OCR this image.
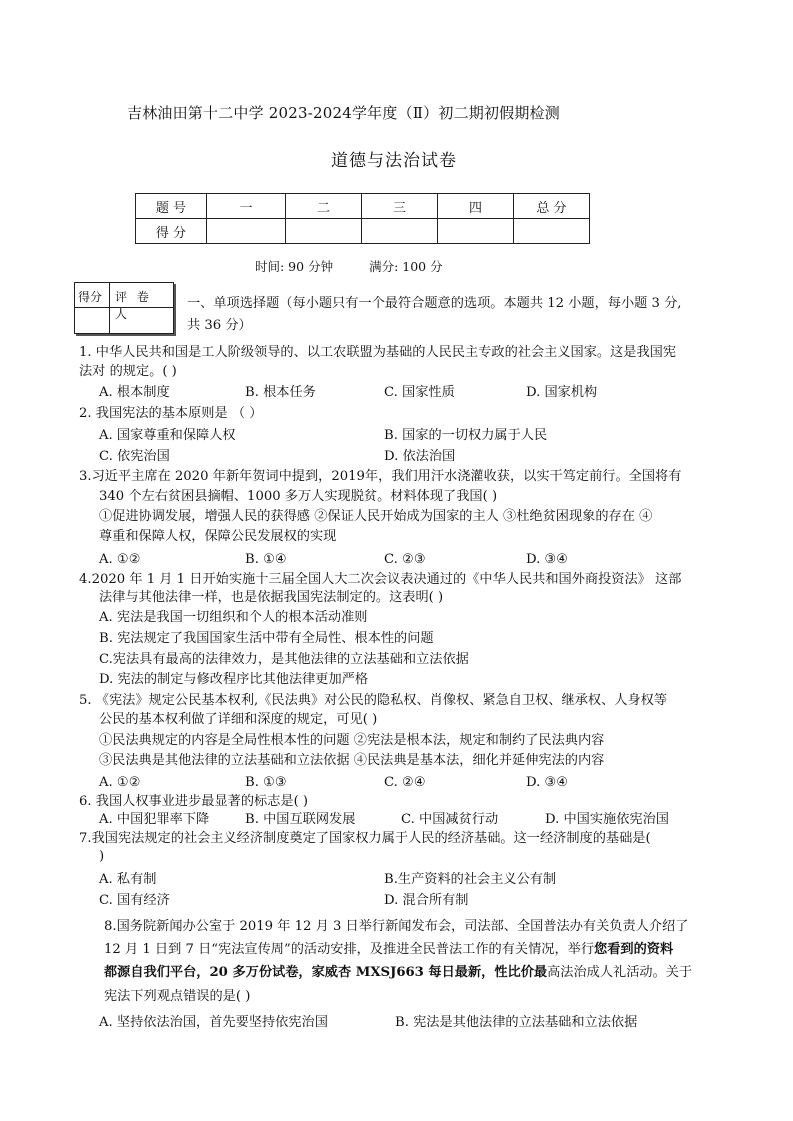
吉林油田第十二中学 2023-2024学年度（Ⅱ）初二期初假期检测
道德与法治试卷
题 号	一	二	三	四	总 分
得 分					
时间: 90 分钟	满分: 100 分
得分 评 卷 人
一、单项选择题（每小题只有一个最符合题意的选项。本题共 12 小题，每小题 3 分,
共 36 分）
1. 中华人民共和国是工人阶级领导的、以工农联盟为基础的人民民主专政的社会主义国家。这是我国宪
法对 的规定。( )
A. 根本制度	B. 根本任务	C. 国家性质	D. 国家机构
2. 我国宪法的基本原则是 （ ）
A. 国家尊重和保障人权	B. 国家的一切权力属于人民
C. 依宪治国	D. 依法治国
3.习近平主席在 2020 年新年贺词中提到，2019年，我们用汗水浇灌收获，以实干笃定前行。全国将有
340 个左右贫困县摘帽、1000 多万人实现脱贫。材料体现了我国( )
①促进协调发展，增强人民的获得感 ②保证人民开始成为国家的主人 ③杜绝贫困现象的存在 ④
尊重和保障人权，保障公民发展权的实现
A. ①②	B. ①④	C. ②③	D. ③④
4.2020 年 1 月 1 日开始实施十三届全国人大二次会议表决通过的《中华人民共和国外商投资法》 这部
法律与其他法律一样，也是依据我国宪法制定的。这表明( )
A. 宪法是我国一切组织和个人的根本活动准则
B. 宪法规定了我国国家生活中带有全局性、根本性的问题
C.宪法具有最高的法律效力，是其他法律的立法基础和立法依据
D. 宪法的制定与修改程序比其他法律更加严格
5. 《宪法》规定公民基本权利,《民法典》对公民的隐私权、肖像权、紧急自卫权、继承权、人身权等
公民的基本权利做了详细和深度的规定，可见( )
①民法典规定的内容是全局性根本性的问题 ②宪法是根本法，规定和制约了民法典内容
③民法典是其他法律的立法基础和立法依据 ④民法典是基本法，细化并延伸宪法的内容
A. ①②	B. ①③	C. ②④	D. ③④
6. 我国人权事业进步最显著的标志是( )
A. 中国犯罪率下降	B. 中国互联网发展	C. 中国减贫行动	D. 中国实施依宪治国
7.我国宪法规定的社会主义经济制度奠定了国家权力属于人民的经济基础。这一经济制度的基础是(
)
A. 私有制	B.生产资料的社会主义公有制
C. 国有经济	D. 混合所有制
8.国务院新闻办公室于 2019 年 12 月 3 日举行新闻发布会，司法部、全国普法办有关负责人介绍了
12 月 1 日到 7 日“宪法宣传周”的活动安排，及推进全民普法工作的有关情况，举行您看到的资料
都源自我们平台，20 多万份试卷，家威杏 MXSJ663 每日最新，性比价最高法治成人礼活动。关于
宪法下列观点错误的是( )
A. 坚持依法治国，首先要坚持依宪治国	B. 宪法是其他法律的立法基础和立法依据
